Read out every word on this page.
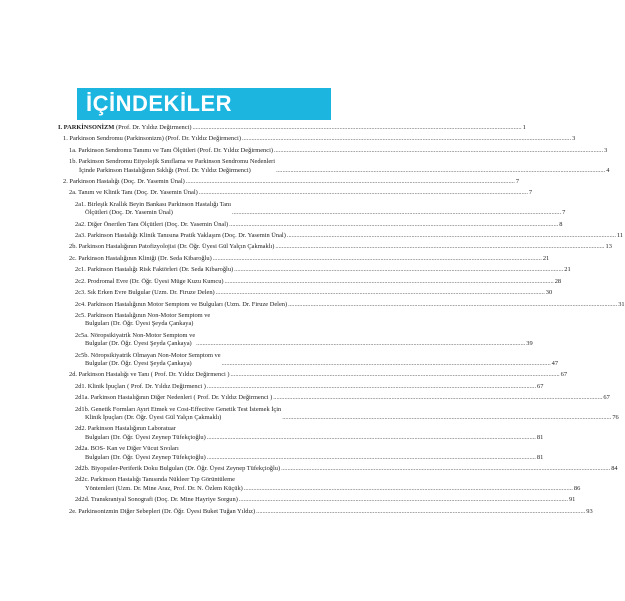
İÇİNDEKİLER
I. PARKİNSONİZM (Prof. Dr. Yıldız Değirmenci) .....	1
1. Parkinson Sendromu (Parkinsonizm) (Prof. Dr. Yıldız Değirmenci) .....	3
1a. Parkinson Sendromu Tanımı ve Tanı Ölçütleri (Prof. Dr. Yıldız Değirmenci) .....	3
1b. Parkinson Sendromu Etiyolojik Sınıflama ve Parkinson Sendromu Nedenleri
İçinde Parkinson Hastalığının Sıklığı (Prof. Dr. Yıldız Değirmenci) .....	4
2. Parkinson Hastalığı (Doç. Dr. Yasemin Ünal) .....	7
2a. Tanım ve Klinik Tanı (Doç. Dr. Yasemin Ünal) .....	7
2a1. Birleşik Krallık Beyin Bankası Parkinson Hastalığı Tanı
Ölçütleri (Doç. Dr. Yasemin Ünal) .....	7
2a2. Diğer Önerilen Tanı Ölçütleri (Doç. Dr. Yasemin Ünal) .....	8
2a3. Parkinson Hastalığı Klinik Tanısına Pratik Yaklaşım (Doç. Dr. Yasemin Ünal) .....	11
2b. Parkinson Hastalığının Patofizyolojisi (Dr. Öğr. Üyesi Gül Yalçın Çakmaklı) .....	13
2c. Parkinson Hastalığının Kliniği (Dr. Seda Kibaroğlu) .....	21
2c1. Parkinson Hastalığı Risk Faktörleri (Dr. Seda Kibaroğlu) .....	21
2c2. Prodromal Evre (Dr. Öğr. Üyesi Müge Kuzu Kumcu) .....	28
2c3. Sık Erken Evre Bulgular (Uzm. Dr. Firuze Delen) .....	30
2c4. Parkinson Hastalığının Motor Semptom ve Bulguları (Uzm. Dr. Firuze Delen) .....	31
2c5. Parkinson Hastalığının Non-Motor Semptom ve
Bulguları (Dr. Öğr. Üyesi Şeyda Çankaya)
2c5a. Nöropsikiyatrik Non-Motor Semptom ve
Bulgular (Dr. Öğr. Üyesi Şeyda Çankaya) .....	39
2c5b. Nöropsikiyatrik Olmayan Non-Motor Semptom ve
Bulgular (Dr. Öğr. Üyesi Şeyda Çankaya) .....	47
2d. Parkinson Hastalığı ve Tanı ( Prof. Dr. Yıldız Değirmenci ) .....	67
2d1. Klinik İpuçları ( Prof. Dr. Yıldız Değirmenci ) .....	67
2d1a. Parkinson Hastalığının Diğer Nedenleri ( Prof. Dr. Yıldız Değirmenci ) .....	67
2d1b. Genetik Formları Ayırt Etmek ve Cost-Effective Genetik Test İstemek İçin
Klinik İpuçları (Dr. Öğr. Üyesi Gül Yalçın Çakmaklı) .....	76
2d2. Parkinson Hastalığının Laboratuar
Bulguları (Dr. Öğr. Üyesi Zeynep Tüfekçioğlu) .....	81
2d2a. BOS- Kan ve Diğer Vücut Sıvıları
Bulguları (Dr. Öğr. Üyesi Zeynep Tüfekçioğlu) .....	81
2d2b. Biyopsiler-Periferik Doku Bulguları (Dr. Öğr. Üyesi Zeynep Tüfekçioğlu) .....	84
2d2c. Parkinson Hastalığı Tanısında Nükleer Tıp Görüntüleme
Yöntemleri (Uzm. Dr. Mine Araz, Prof. Dr. N. Özlem Küçük) .....	86
2d2d. Transkraniyal Sonografi (Doç. Dr. Mine Hayriye Sorgun) .....	91
2e. Parkinsonizmin Diğer Sebepleri (Dr. Öğr. Üyesi Buket Tuğan Yıldız) .....	93
